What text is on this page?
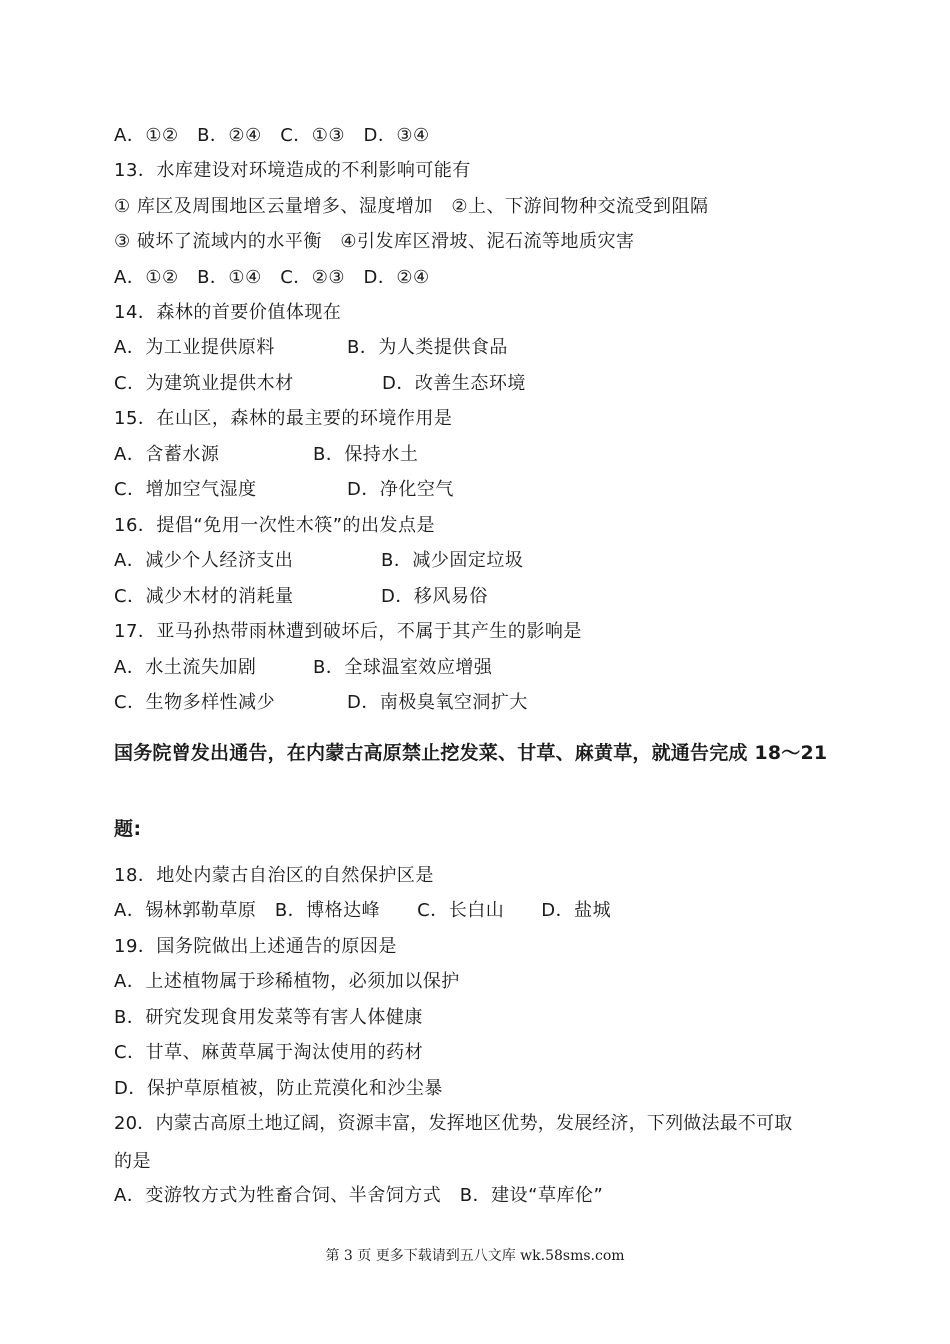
A．①②　B．②④　C．①③　D．③④
13．水库建设对环境造成的不利影响可能有
① 库区及周围地区云量增多、湿度增加　②上、下游间物种交流受到阻隔
③ 破坏了流域内的水平衡　④引发库区滑坡、泥石流等地质灾害
A．①②　B．①④　C．②③　D．②④
14．森林的首要价值体现在
A．为工业提供原料	B．为人类提供食品
C．为建筑业提供木材	D．改善生态环境
15．在山区，森林的最主要的环境作用是
A．含蓄水源	B．保持水土
C．增加空气湿度	D．净化空气
16．提倡“免用一次性木筷”的出发点是
A．减少个人经济支出	B．减少固定垃圾
C．减少木材的消耗量	D．移风易俗
17．亚马孙热带雨林遭到破坏后，不属于其产生的影响是
A．水土流失加剧	B．全球温室效应增强
C．生物多样性减少	D．南极臭氧空洞扩大
国务院曾发出通告，在内蒙古高原禁止挖发菜、甘草、麻黄草，就通告完成 18～21
题:
18．地处内蒙古自治区的自然保护区是
A．锡林郭勒草原　B．博格达峰　　C．长白山　　D．盐城
19．国务院做出上述通告的原因是
A．上述植物属于珍稀植物，必须加以保护
B．研究发现食用发菜等有害人体健康
C．甘草、麻黄草属于淘汰使用的药材
D．保护草原植被，防止荒漠化和沙尘暴
20．内蒙古高原土地辽阔，资源丰富，发挥地区优势，发展经济，下列做法最不可取
的是
A．变游牧方式为牲畜合饲、半舍饲方式　B．建设“草库伦”
第 3 页 更多下载请到五八文库 wk.58sms.com
